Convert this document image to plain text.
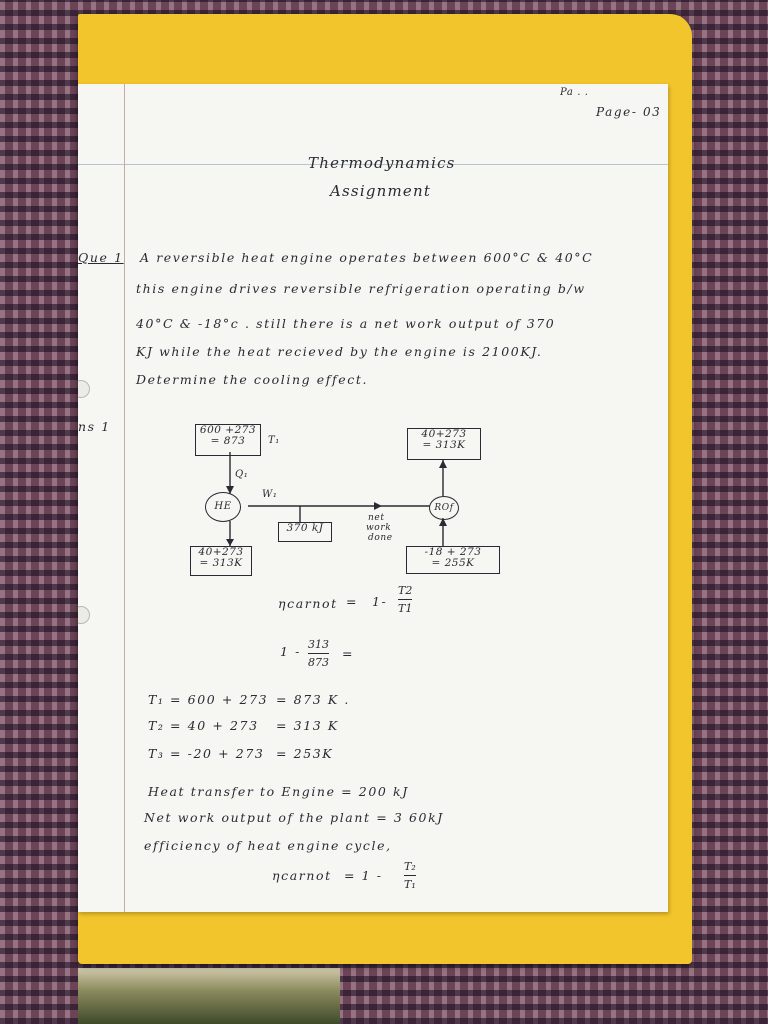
Pa . .
Page- 03
Thermodynamics
Assignment
Que 1 A reversible heat engine operates between 600°C & 40°C
this engine drives reversible refrigeration operating b/w
40°C & -18°c . still there is a net work output of 370
KJ while the heat recieved by the engine is 2100KJ.
Determine the cooling effect.
ns 1	600 +273
= 873	T₁
Q₁
40+273
= 313K
HE
W₁
370 kJ
net
work
done
ROf
40+273
= 313K
-18 + 273
= 255K
ηcarnot = 1-
T2
T1
1 - 313
873
=
T₁ = 600 + 273 = 873 K .
T₂ = 40 + 273 = 313 K
T₃ = -20 + 273 = 253K
Heat transfer to Engine = 200 kJ
Net work output of the plant = 3 60kJ
efficiency of heat engine cycle,
ηcarnot = 1 -
T₂
T₁
